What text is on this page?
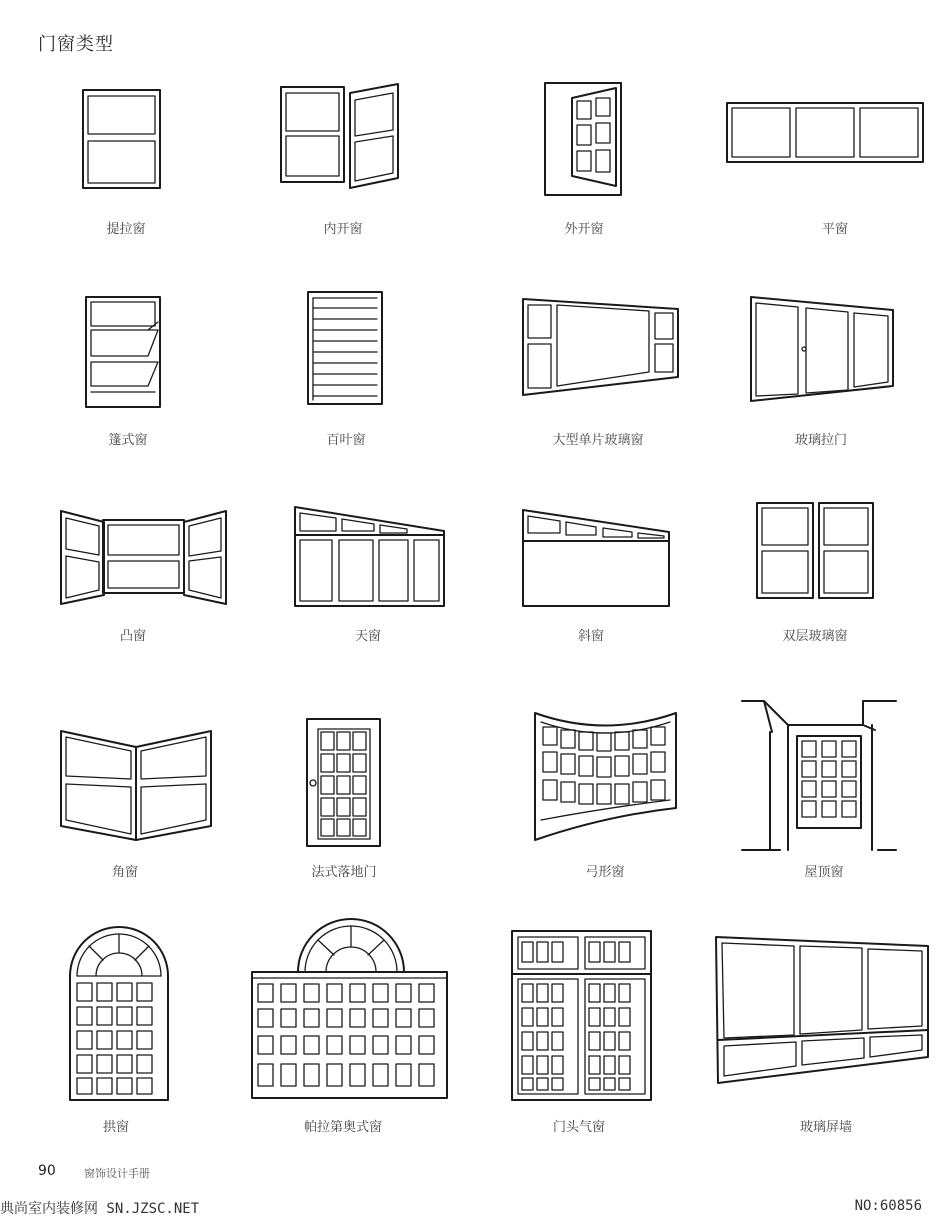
门窗类型
提拉窗	内开窗	外开窗	平窗
篷式窗	百叶窗	大型单片玻璃窗	玻璃拉门
凸窗	天窗	斜窗	双层玻璃窗
角窗	法式落地门	弓形窗	屋顶窗
拱窗	帕拉第奥式窗	门头气窗	玻璃屏墙
90	窗饰设计手册
典尚室内装修网 SN.JZSC.NET	NO:60856
